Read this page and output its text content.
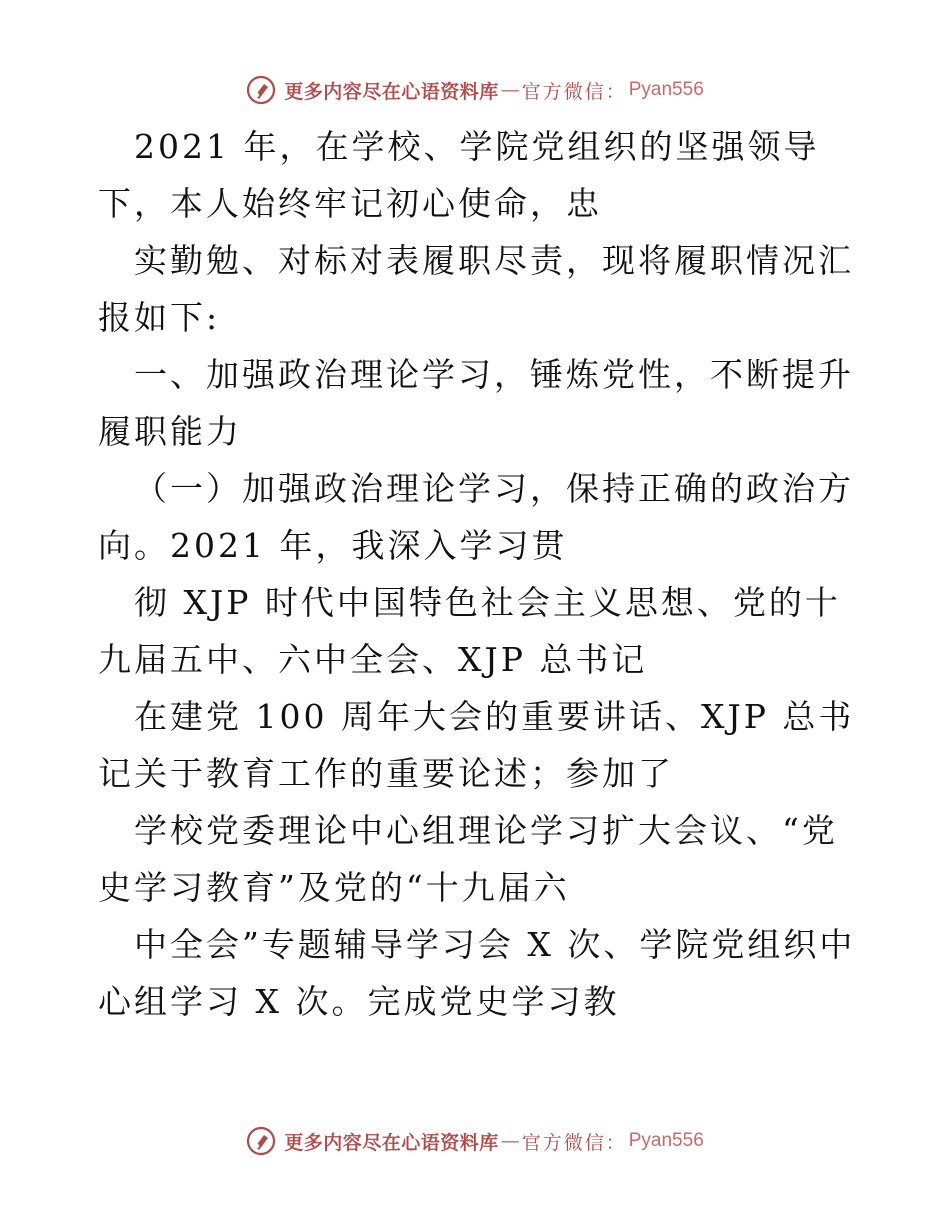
更多内容尽在心语资料库 — 官方微信： Pyan556

2021 年，在学校、学院党组织的坚强领导下，本人始终牢记初心使命，忠

实勤勉、对标对表履职尽责，现将履职情况汇报如下:

一、加强政治理论学习，锤炼党性，不断提升履职能力

（一）加强政治理论学习，保持正确的政治方向。2021 年，我深入学习贯

彻 XJP 时代中国特色社会主义思想、党的十九届五中、六中全会、XJP 总书记

在建党 100 周年大会的重要讲话、XJP 总书记关于教育工作的重要论述；参加了

学校党委理论中心组理论学习扩大会议、“党史学习教育”及党的“十九届六

中全会”专题辅导学习会 X 次、学院党组织中心组学习 X 次。完成党史学习教

更多内容尽在心语资料库 — 官方微信： Pyan556
